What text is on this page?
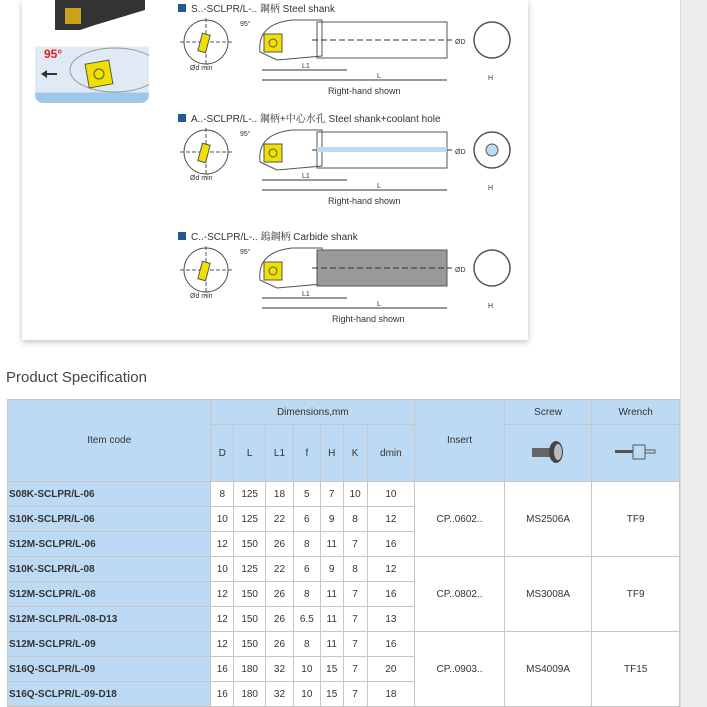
95°
S..-SCLPR/L-.. 鋼柄 Steel shank
Ød min
95°
L1
L
ØD
H
Right-hand shown
A..-SCLPR/L-.. 鋼柄+中心水孔 Steel shank+coolant hole
Ød min
95°
L1
L
ØD
H
Right-hand shown
C..-SCLPR/L-.. 鎢鋼柄 Carbide shank
Ød min
95°
L1
L
ØD
H
Right-hand shown
Product Specification
Item code	Dimensions,mm							Insert	Screw	Wrench
	D	L	L1	f	H	K	dmin		
S08K-SCLPR/L-06	8	125	18	5	7	10	10	CP..0602..	MS2506A	TF9
S10K-SCLPR/L-06	10	125	22	6	9	8	12			
S12M-SCLPR/L-06	12	150	26	8	11	7	16			
S10K-SCLPR/L-08	10	125	22	6	9	8	12	CP..0802..	MS3008A	TF9
S12M-SCLPR/L-08	12	150	26	8	11	7	16			
S12M-SCLPR/L-08-D13	12	150	26	6.5	11	7	13			
S12M-SCLPR/L-09	12	150	26	8	11	7	16	CP..0903..	MS4009A	TF15
S16Q-SCLPR/L-09	16	180	32	10	15	7	20			
S16Q-SCLPR/L-09-D18	16	180	32	10	15	7	18			
